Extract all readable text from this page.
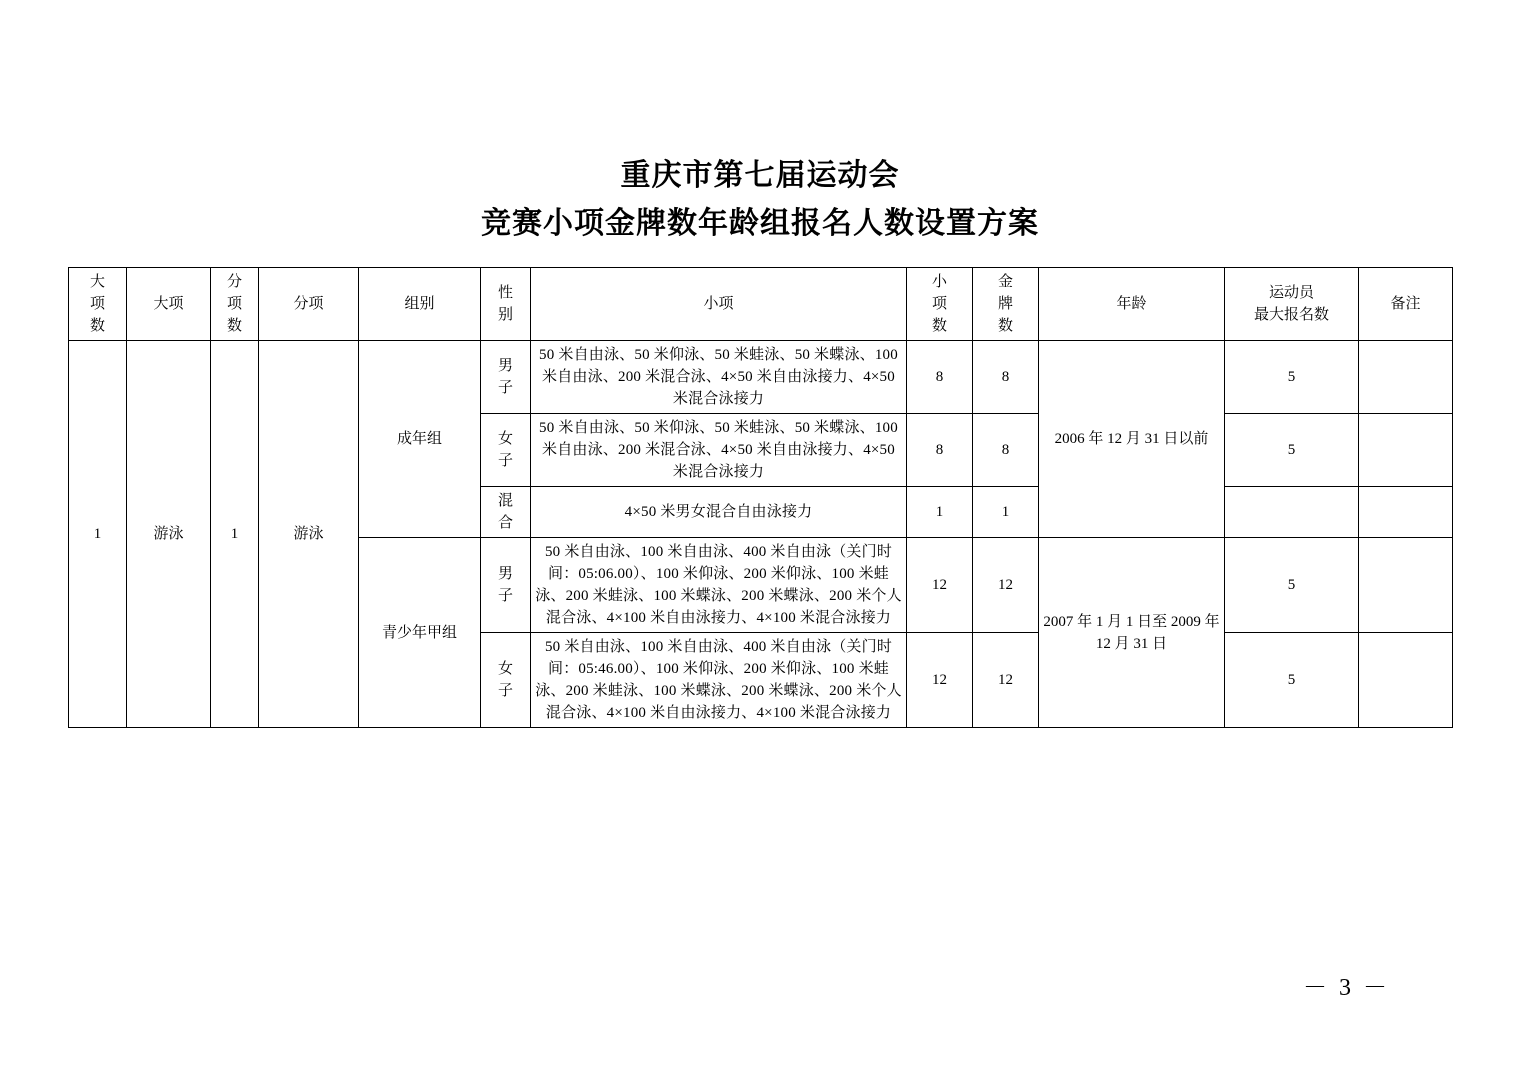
重庆市第七届运动会
竞赛小项金牌数年龄组报名人数设置方案
大
项
数	大项	分
项
数	分项	组别	性
别	小项	小
项
数	金
牌
数	年龄	运动员
最大报名数	备注
1	游泳	1	游泳	成年组	男
子	50 米自由泳、50 米仰泳、50 米蛙泳、50 米蝶泳、100 米自由泳、200 米混合泳、4×50 米自由泳接力、4×50 米混合泳接力	8	8	2006 年 12 月 31 日以前	5	
					女
子	50 米自由泳、50 米仰泳、50 米蛙泳、50 米蝶泳、100 米自由泳、200 米混合泳、4×50 米自由泳接力、4×50 米混合泳接力	8	8		5	
					混
合	4×50 米男女混合自由泳接力	1	1			
				青少年甲组	男
子	50 米自由泳、100 米自由泳、400 米自由泳（关门时间：05:06.00）、100 米仰泳、200 米仰泳、100 米蛙泳、200 米蛙泳、100 米蝶泳、200 米蝶泳、200 米个人混合泳、4×100 米自由泳接力、4×100 米混合泳接力	12	12	2007 年 1 月 1 日至 2009 年 12 月 31 日	5	
					女
子	50 米自由泳、100 米自由泳、400 米自由泳（关门时间：05:46.00）、100 米仰泳、200 米仰泳、100 米蛙泳、200 米蛙泳、100 米蝶泳、200 米蝶泳、200 米个人混合泳、4×100 米自由泳接力、4×100 米混合泳接力	12	12		5	
－ 3 －
